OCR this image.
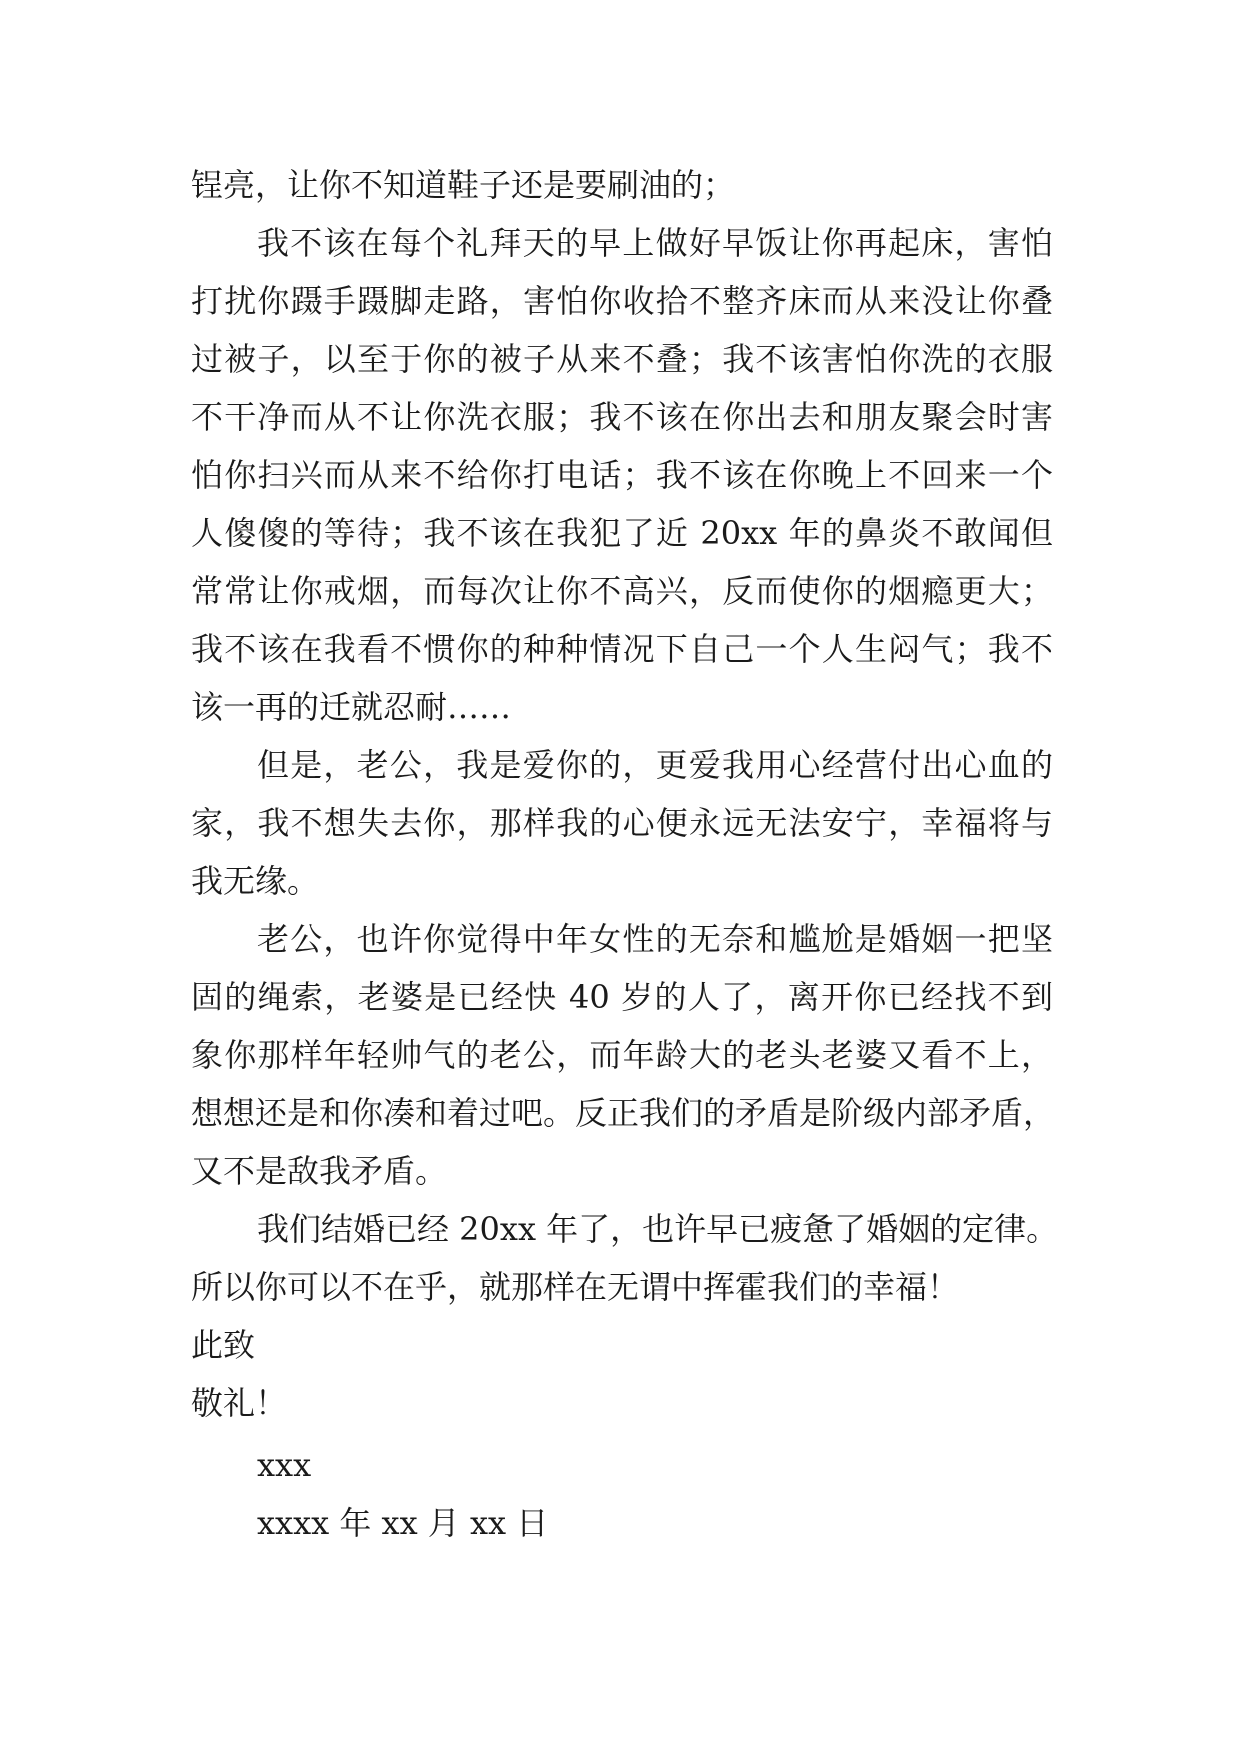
锃亮，让你不知道鞋子还是要刷油的；
我不该在每个礼拜天的早上做好早饭让你再起床，害怕
打扰你蹑手蹑脚走路，害怕你收拾不整齐床而从来没让你叠
过被子，以至于你的被子从来不叠；我不该害怕你洗的衣服
不干净而从不让你洗衣服；我不该在你出去和朋友聚会时害
怕你扫兴而从来不给你打电话；我不该在你晚上不回来一个
人傻傻的等待；我不该在我犯了近 20xx 年的鼻炎不敢闻但
常常让你戒烟，而每次让你不高兴，反而使你的烟瘾更大；
我不该在我看不惯你的种种情况下自己一个人生闷气；我不
该一再的迁就忍耐……
但是，老公，我是爱你的，更爱我用心经营付出心血的
家，我不想失去你，那样我的心便永远无法安宁，幸福将与
我无缘。
老公，也许你觉得中年女性的无奈和尴尬是婚姻一把坚
固的绳索，老婆是已经快 40 岁的人了，离开你已经找不到
象你那样年轻帅气的老公，而年龄大的老头老婆又看不上，
想想还是和你凑和着过吧。反正我们的矛盾是阶级内部矛盾，
又不是敌我矛盾。
我们结婚已经 20xx 年了，也许早已疲惫了婚姻的定律。
所以你可以不在乎，就那样在无谓中挥霍我们的幸福！
此致
敬礼！
xxx
xxxx 年 xx 月 xx 日
